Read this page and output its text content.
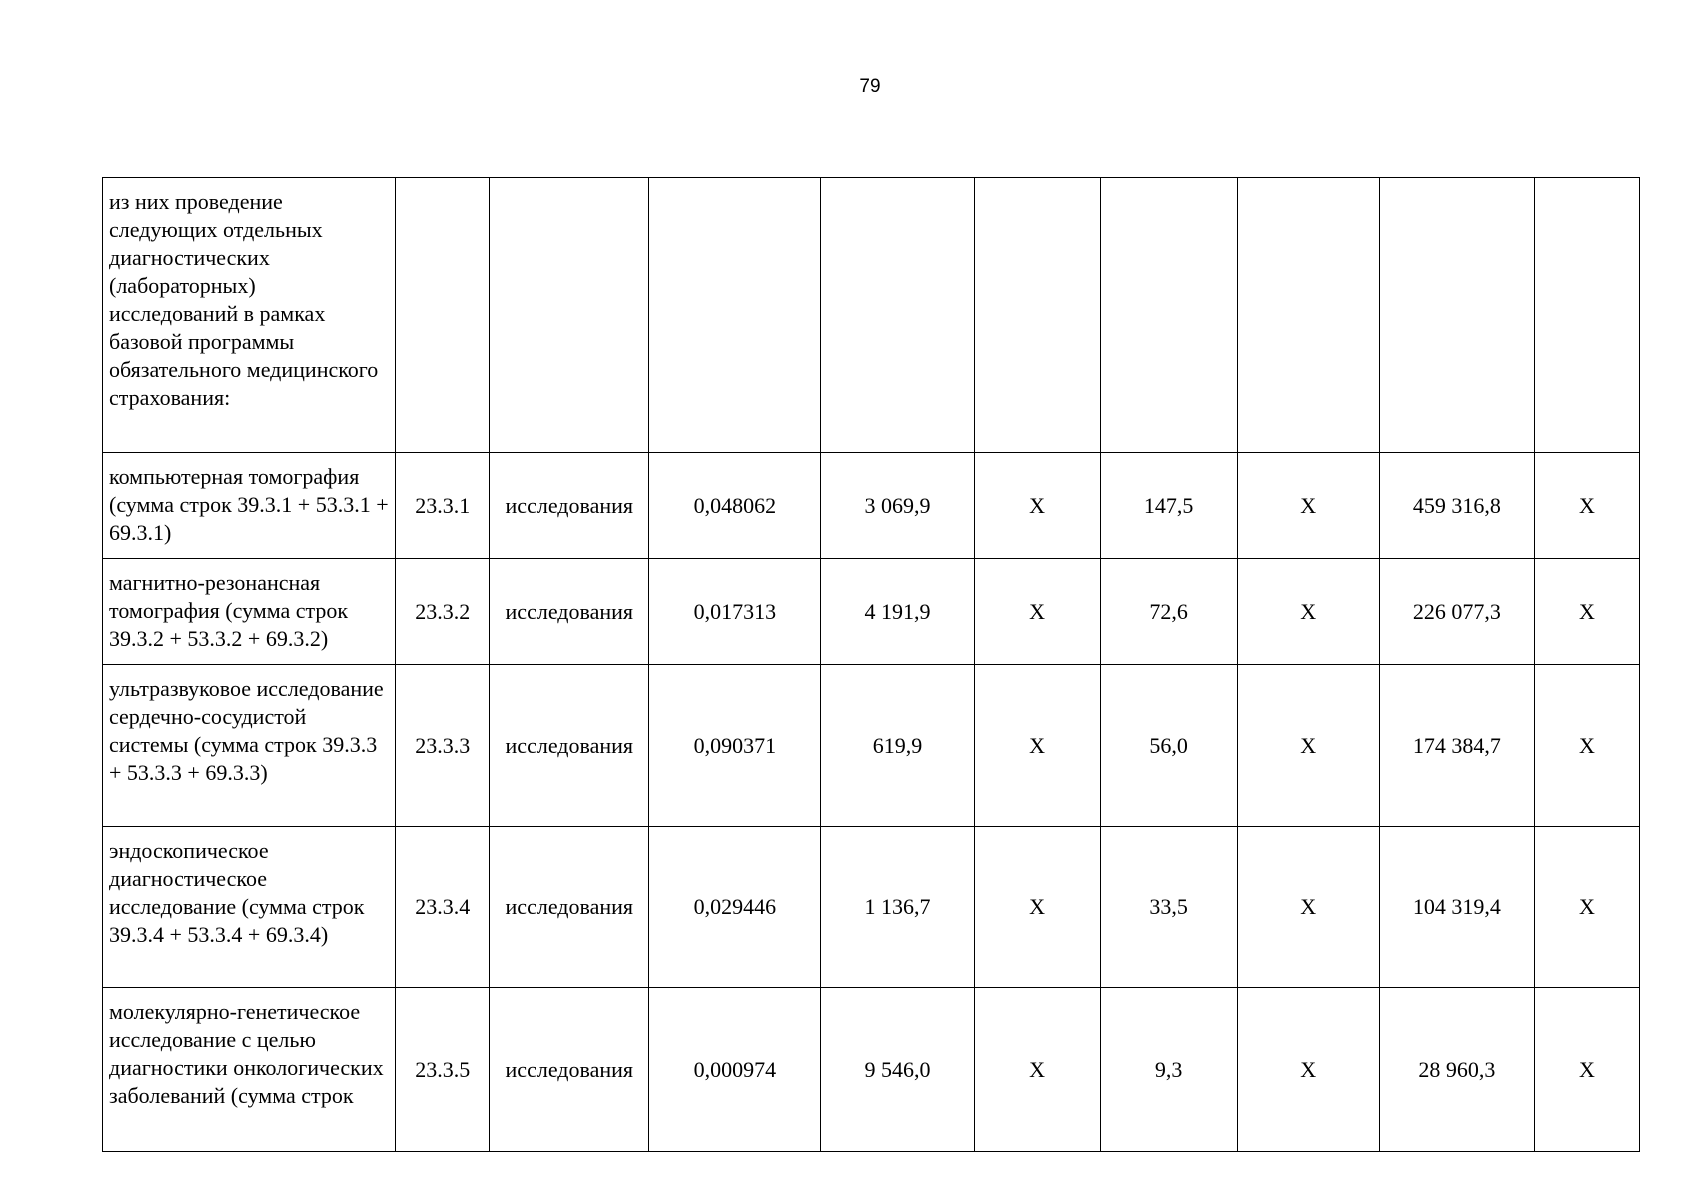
79
из них проведение следующих отдельных диагностических (лабораторных) исследований в рамках базовой программы обязательного медицинского страхования:									
компьютерная томография (сумма строк 39.3.1 + 53.3.1 + 69.3.1)	23.3.1	исследования	0,048062	3 069,9	X	147,5	X	459 316,8	X
магнитно-резонансная томография (сумма строк 39.3.2 + 53.3.2 + 69.3.2)	23.3.2	исследования	0,017313	4 191,9	X	72,6	X	226 077,3	X
ультразвуковое исследование сердечно-сосудистой системы (сумма строк 39.3.3 + 53.3.3 + 69.3.3)	23.3.3	исследования	0,090371	619,9	X	56,0	X	174 384,7	X
эндоскопическое диагностическое исследование (сумма строк 39.3.4 + 53.3.4 + 69.3.4)	23.3.4	исследования	0,029446	1 136,7	X	33,5	X	104 319,4	X
молекулярно-генетическое исследование с целью диагностики онкологических заболеваний (сумма строк	23.3.5	исследования	0,000974	9 546,0	X	9,3	X	28 960,3	X
